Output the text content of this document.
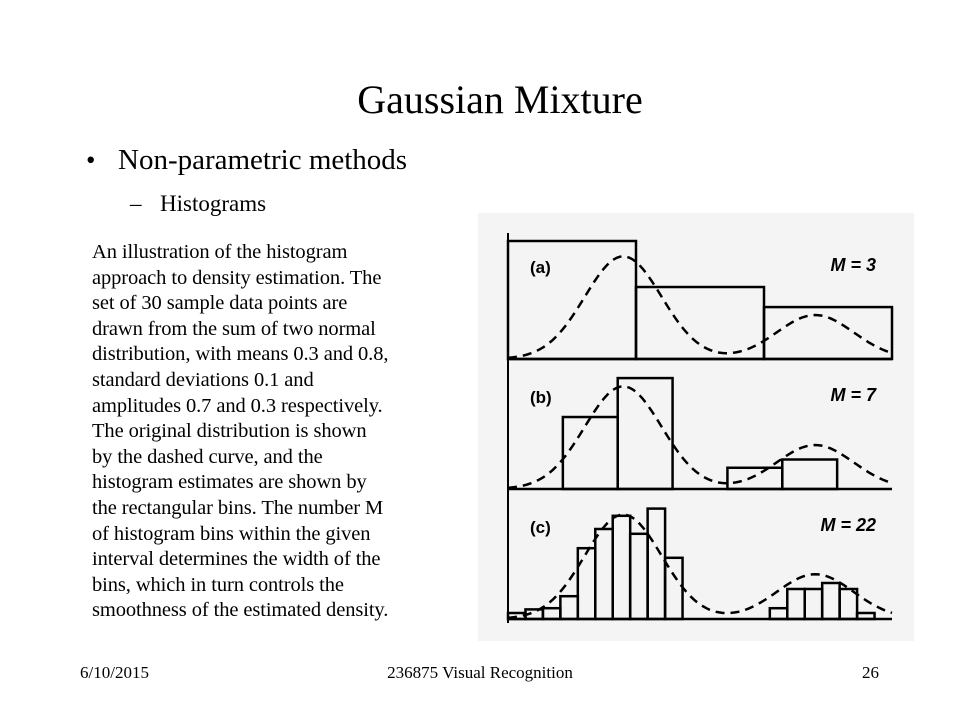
Gaussian Mixture
• Non-parametric methods
– Histograms
(a)	M = 3
(b)	M = 7
(c)	M = 22
An illustration of the histogram
approach to density estimation. The
set of 30 sample data points are
drawn from the sum of two normal
distribution, with means 0.3 and 0.8,
standard deviations 0.1 and
amplitudes 0.7 and 0.3 respectively.
The original distribution is shown
by the dashed curve, and the
histogram estimates are shown by
the rectangular bins. The number M
of histogram bins within the given
interval determines the width of the
bins, which in turn controls the
smoothness of the estimated density.
6/10/2015	236875 Visual Recognition	26
